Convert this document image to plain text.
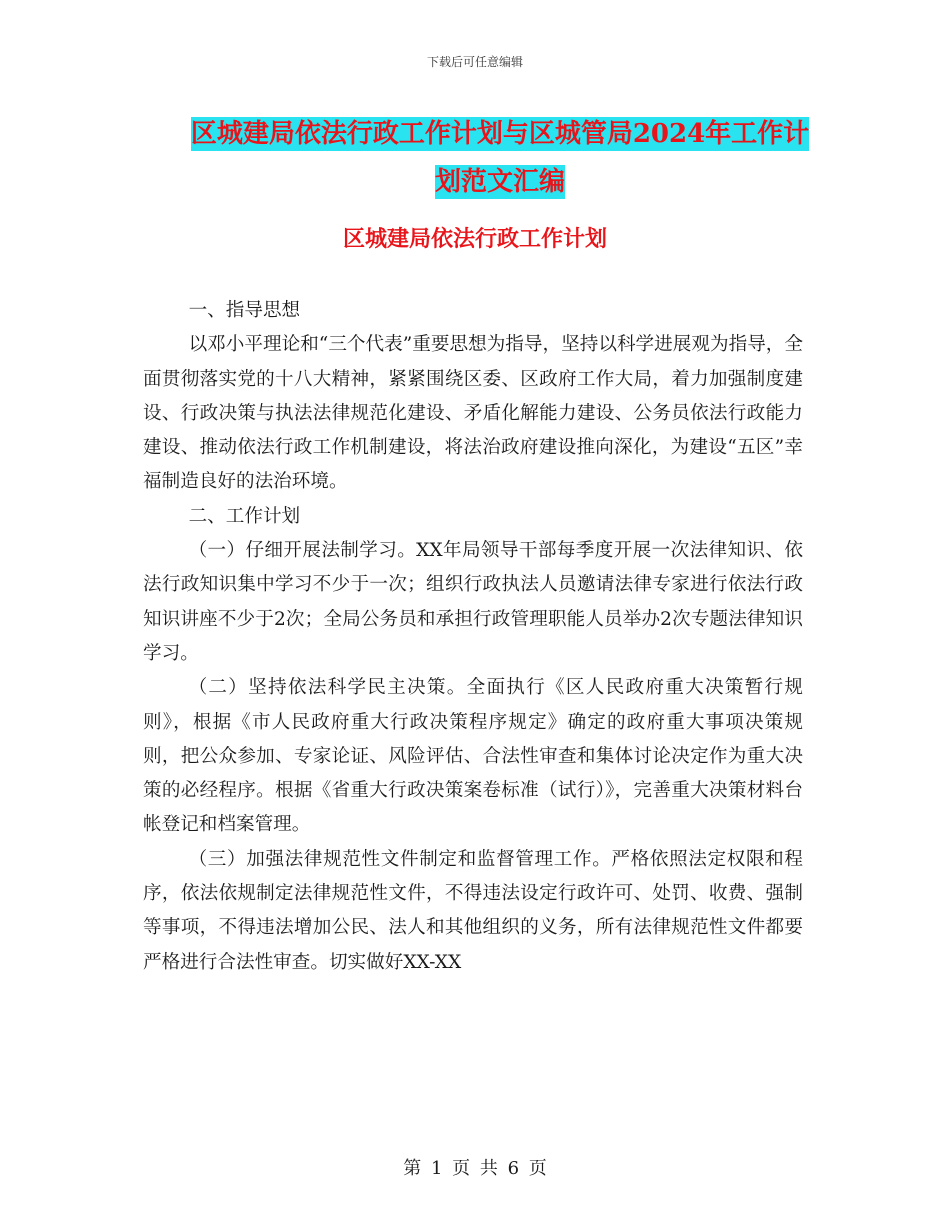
下载后可任意编辑
区城建局依法行政工作计划与区城管局2024年工作计
划范文汇编
区城建局依法行政工作计划

一、指导思想

以邓小平理论和“三个代表”重要思想为指导，坚持以科学进展观为指导，全面贯彻落实党的十八大精神，紧紧围绕区委、区政府工作大局，着力加强制度建设、行政决策与执法法律规范化建设、矛盾化解能力建设、公务员依法行政能力建设、推动依法行政工作机制建设，将法治政府建设推向深化，为建设“五区”幸福制造良好的法治环境。

二、工作计划

（一）仔细开展法制学习。XX年局领导干部每季度开展一次法律知识、依法行政知识集中学习不少于一次；组织行政执法人员邀请法律专家进行依法行政知识讲座不少于2次；全局公务员和承担行政管理职能人员举办2次专题法律知识学习。

（二）坚持依法科学民主决策。全面执行《区人民政府重大决策暂行规则》，根据《市人民政府重大行政决策程序规定》确定的政府重大事项决策规则，把公众参加、专家论证、风险评估、合法性审查和集体讨论决定作为重大决策的必经程序。根据《省重大行政决策案卷标准（试行）》，完善重大决策材料台帐登记和档案管理。

（三）加强法律规范性文件制定和监督管理工作。严格依照法定权限和程序，依法依规制定法律规范性文件，不得违法设定行政许可、处罚、收费、强制等事项，不得违法增加公民、法人和其他组织的义务，所有法律规范性文件都要严格进行合法性审查。切实做好XX-XX

第 1 页 共 6 页
